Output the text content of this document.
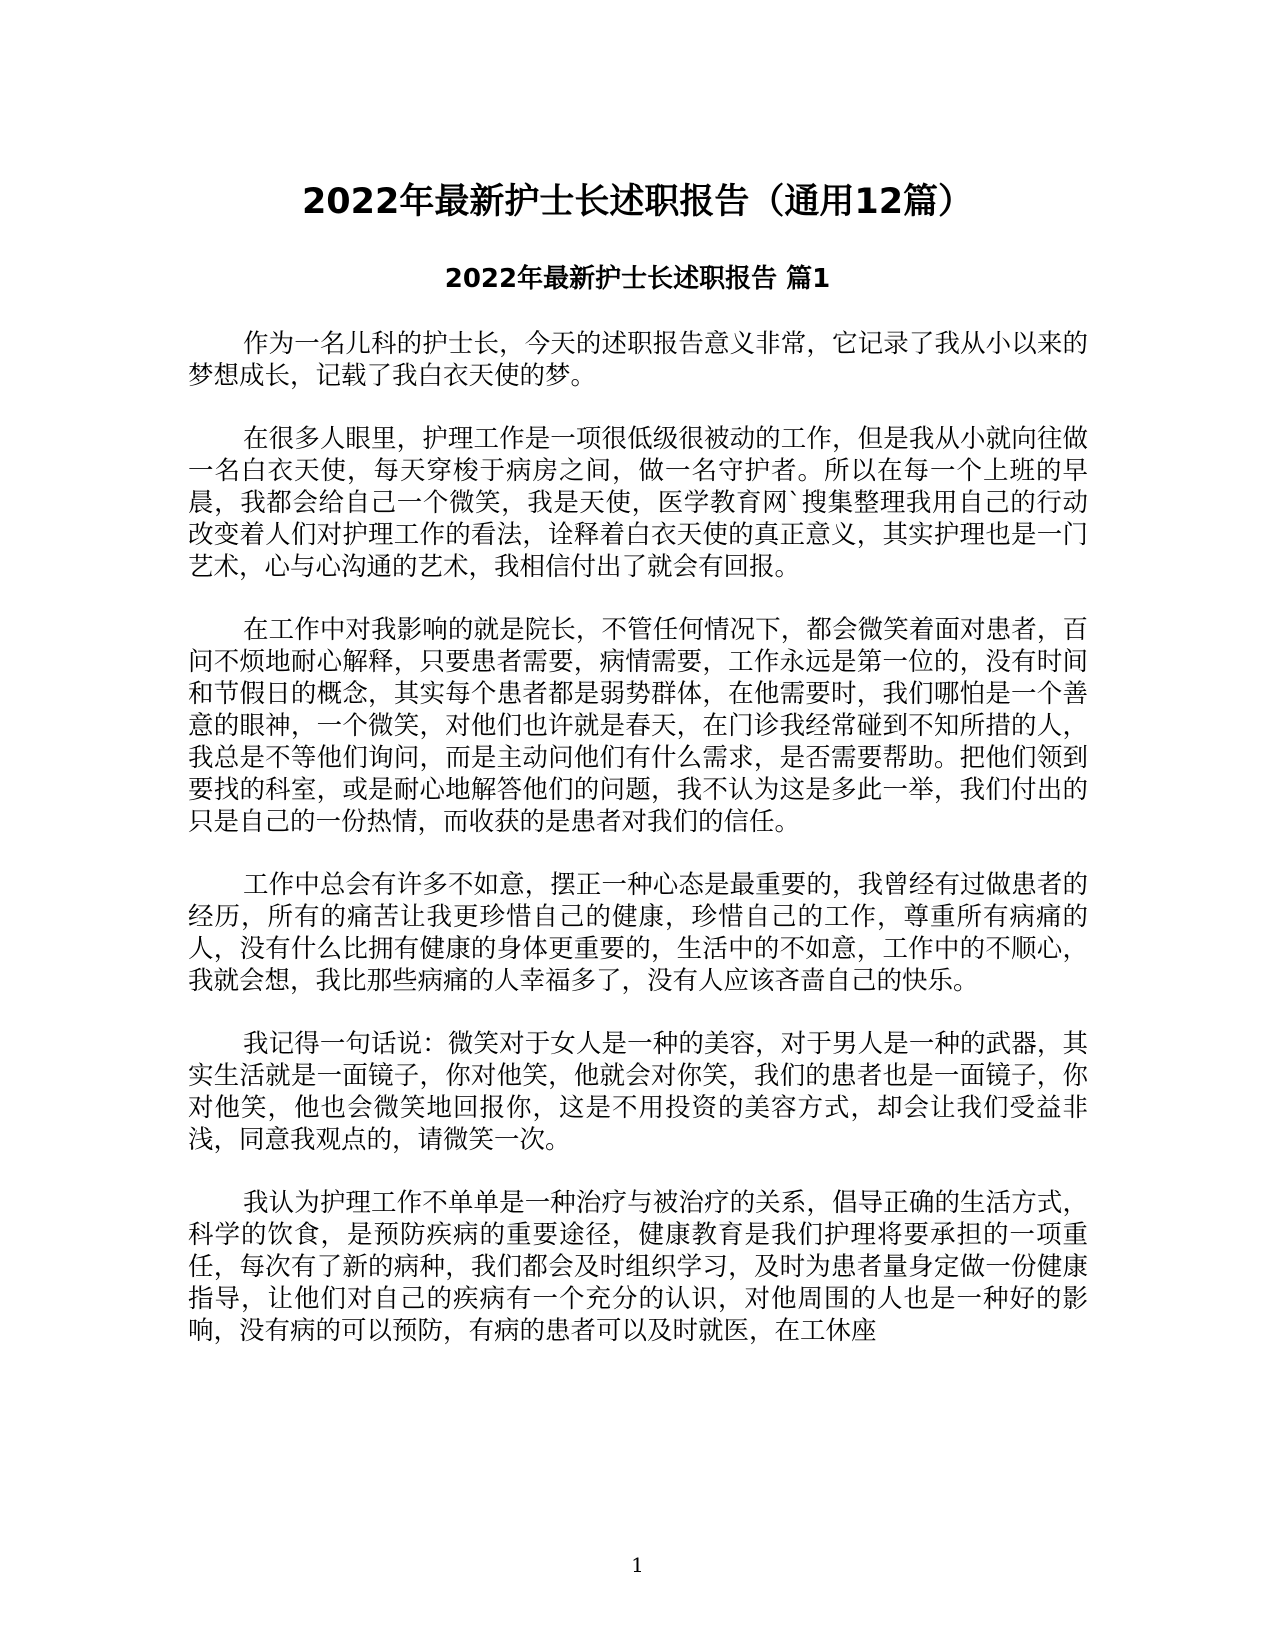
2022年最新护士长述职报告（通用12篇）
2022年最新护士长述职报告 篇1

作为一名儿科的护士长，今天的述职报告意义非常，它记录了我从小以来的梦想成长，记载了我白衣天使的梦。

在很多人眼里，护理工作是一项很低级很被动的工作，但是我从小就向往做一名白衣天使，每天穿梭于病房之间，做一名守护者。所以在每一个上班的早晨，我都会给自己一个微笑，我是天使，医学教育网`搜集整理我用自己的行动改变着人们对护理工作的看法，诠释着白衣天使的真正意义，其实护理也是一门艺术，心与心沟通的艺术，我相信付出了就会有回报。

在工作中对我影响的就是院长，不管任何情况下，都会微笑着面对患者，百问不烦地耐心解释，只要患者需要，病情需要，工作永远是第一位的，没有时间和节假日的概念，其实每个患者都是弱势群体，在他需要时，我们哪怕是一个善意的眼神，一个微笑，对他们也许就是春天，在门诊我经常碰到不知所措的人，我总是不等他们询问，而是主动问他们有什么需求，是否需要帮助。把他们领到要找的科室，或是耐心地解答他们的问题，我不认为这是多此一举，我们付出的只是自己的一份热情，而收获的是患者对我们的信任。

工作中总会有许多不如意，摆正一种心态是最重要的，我曾经有过做患者的经历，所有的痛苦让我更珍惜自己的健康，珍惜自己的工作，尊重所有病痛的人，没有什么比拥有健康的身体更重要的，生活中的不如意，工作中的不顺心，我就会想，我比那些病痛的人幸福多了，没有人应该吝啬自己的快乐。

我记得一句话说：微笑对于女人是一种的美容，对于男人是一种的武器，其实生活就是一面镜子，你对他笑，他就会对你笑，我们的患者也是一面镜子，你对他笑，他也会微笑地回报你，这是不用投资的美容方式，却会让我们受益非浅，同意我观点的，请微笑一次。

我认为护理工作不单单是一种治疗与被治疗的关系，倡导正确的生活方式，科学的饮食，是预防疾病的重要途径，健康教育是我们护理将要承担的一项重任，每次有了新的病种，我们都会及时组织学习，及时为患者量身定做一份健康指导，让他们对自己的疾病有一个充分的认识，对他周围的人也是一种好的影响，没有病的可以预防，有病的患者可以及时就医，在工休座

1
